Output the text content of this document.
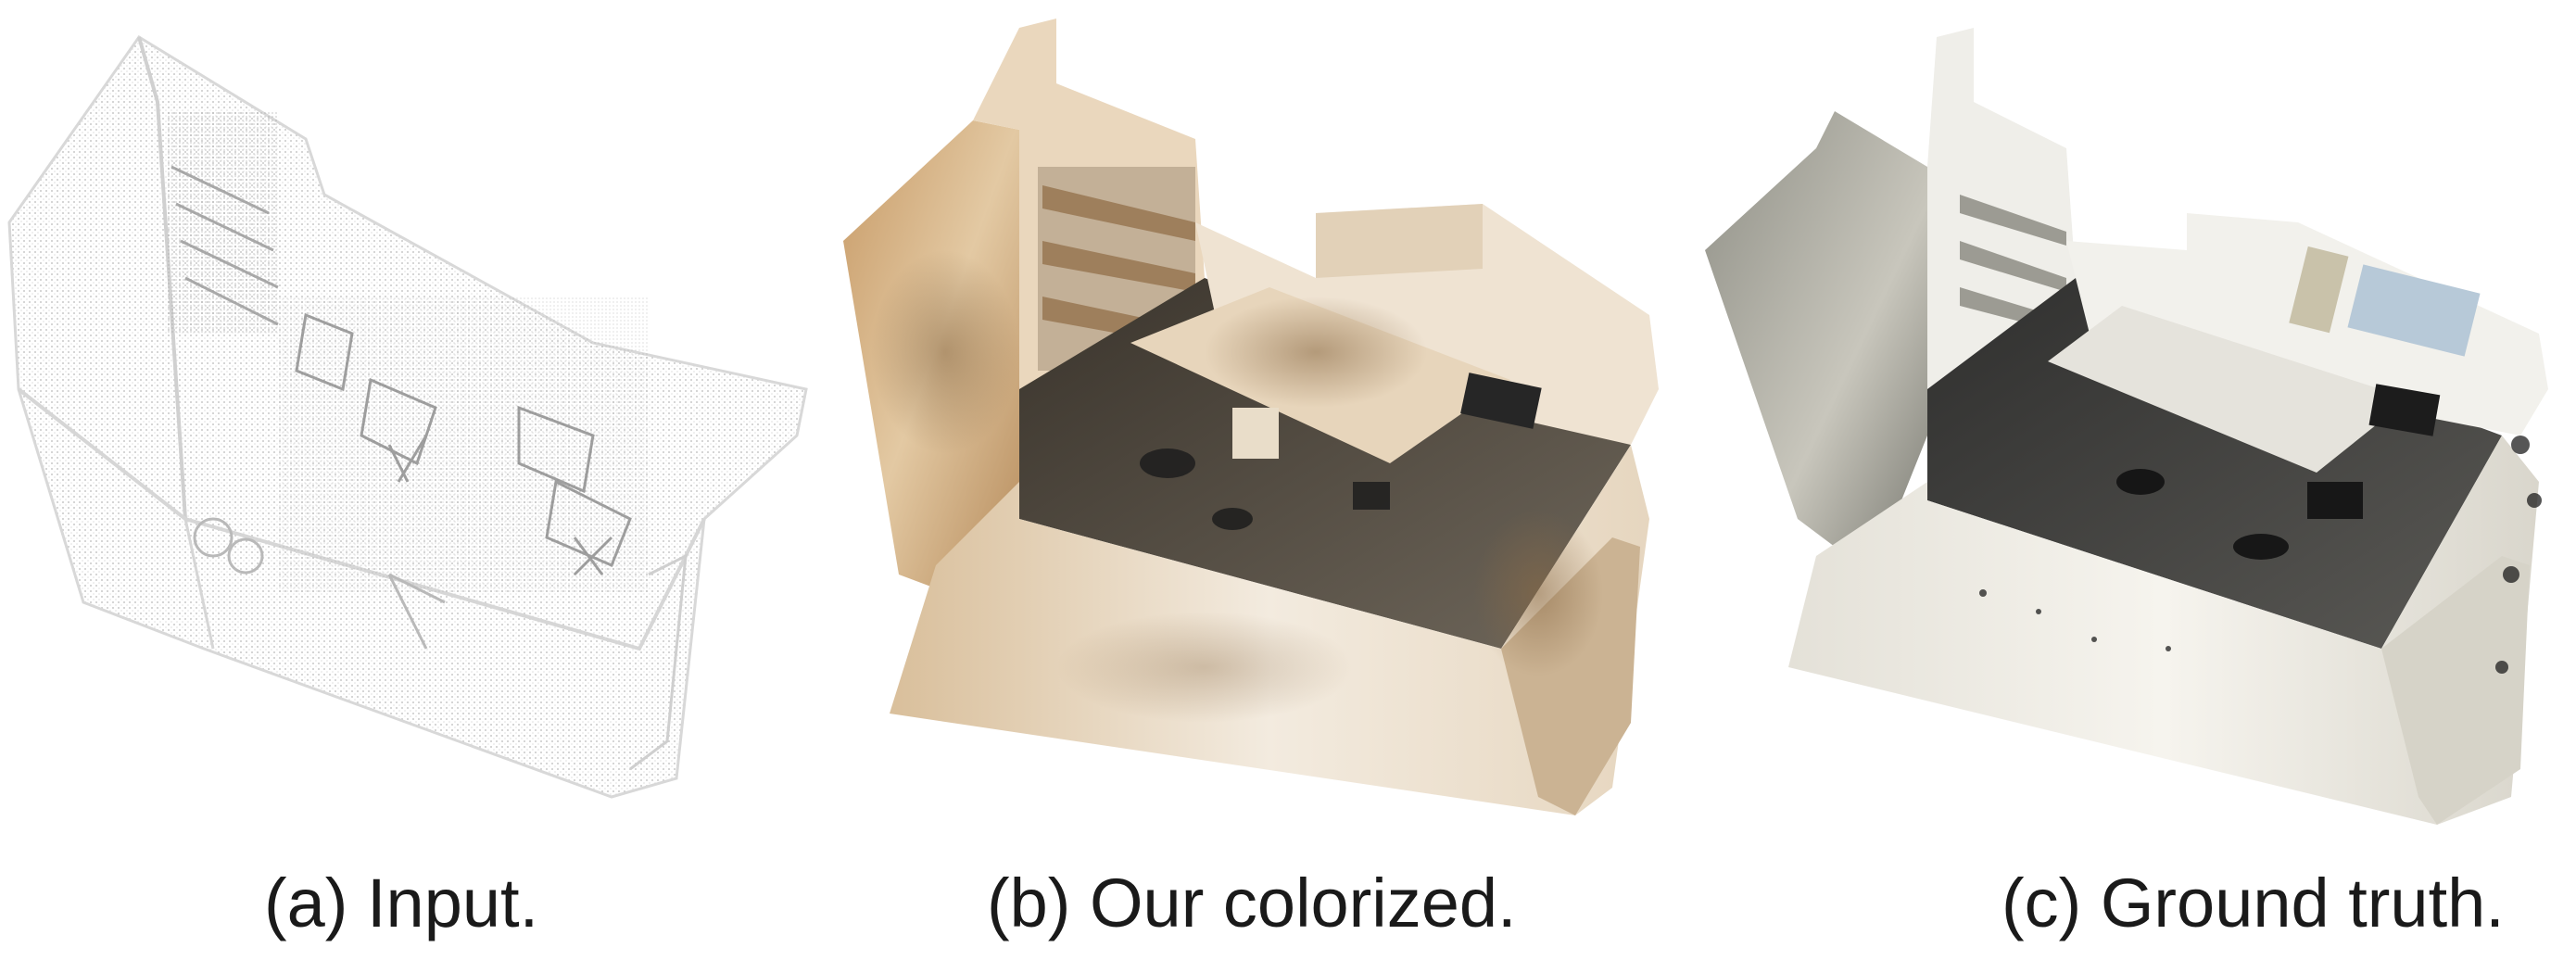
(a) Input.	(b) Our colorized.	(c) Ground truth.
